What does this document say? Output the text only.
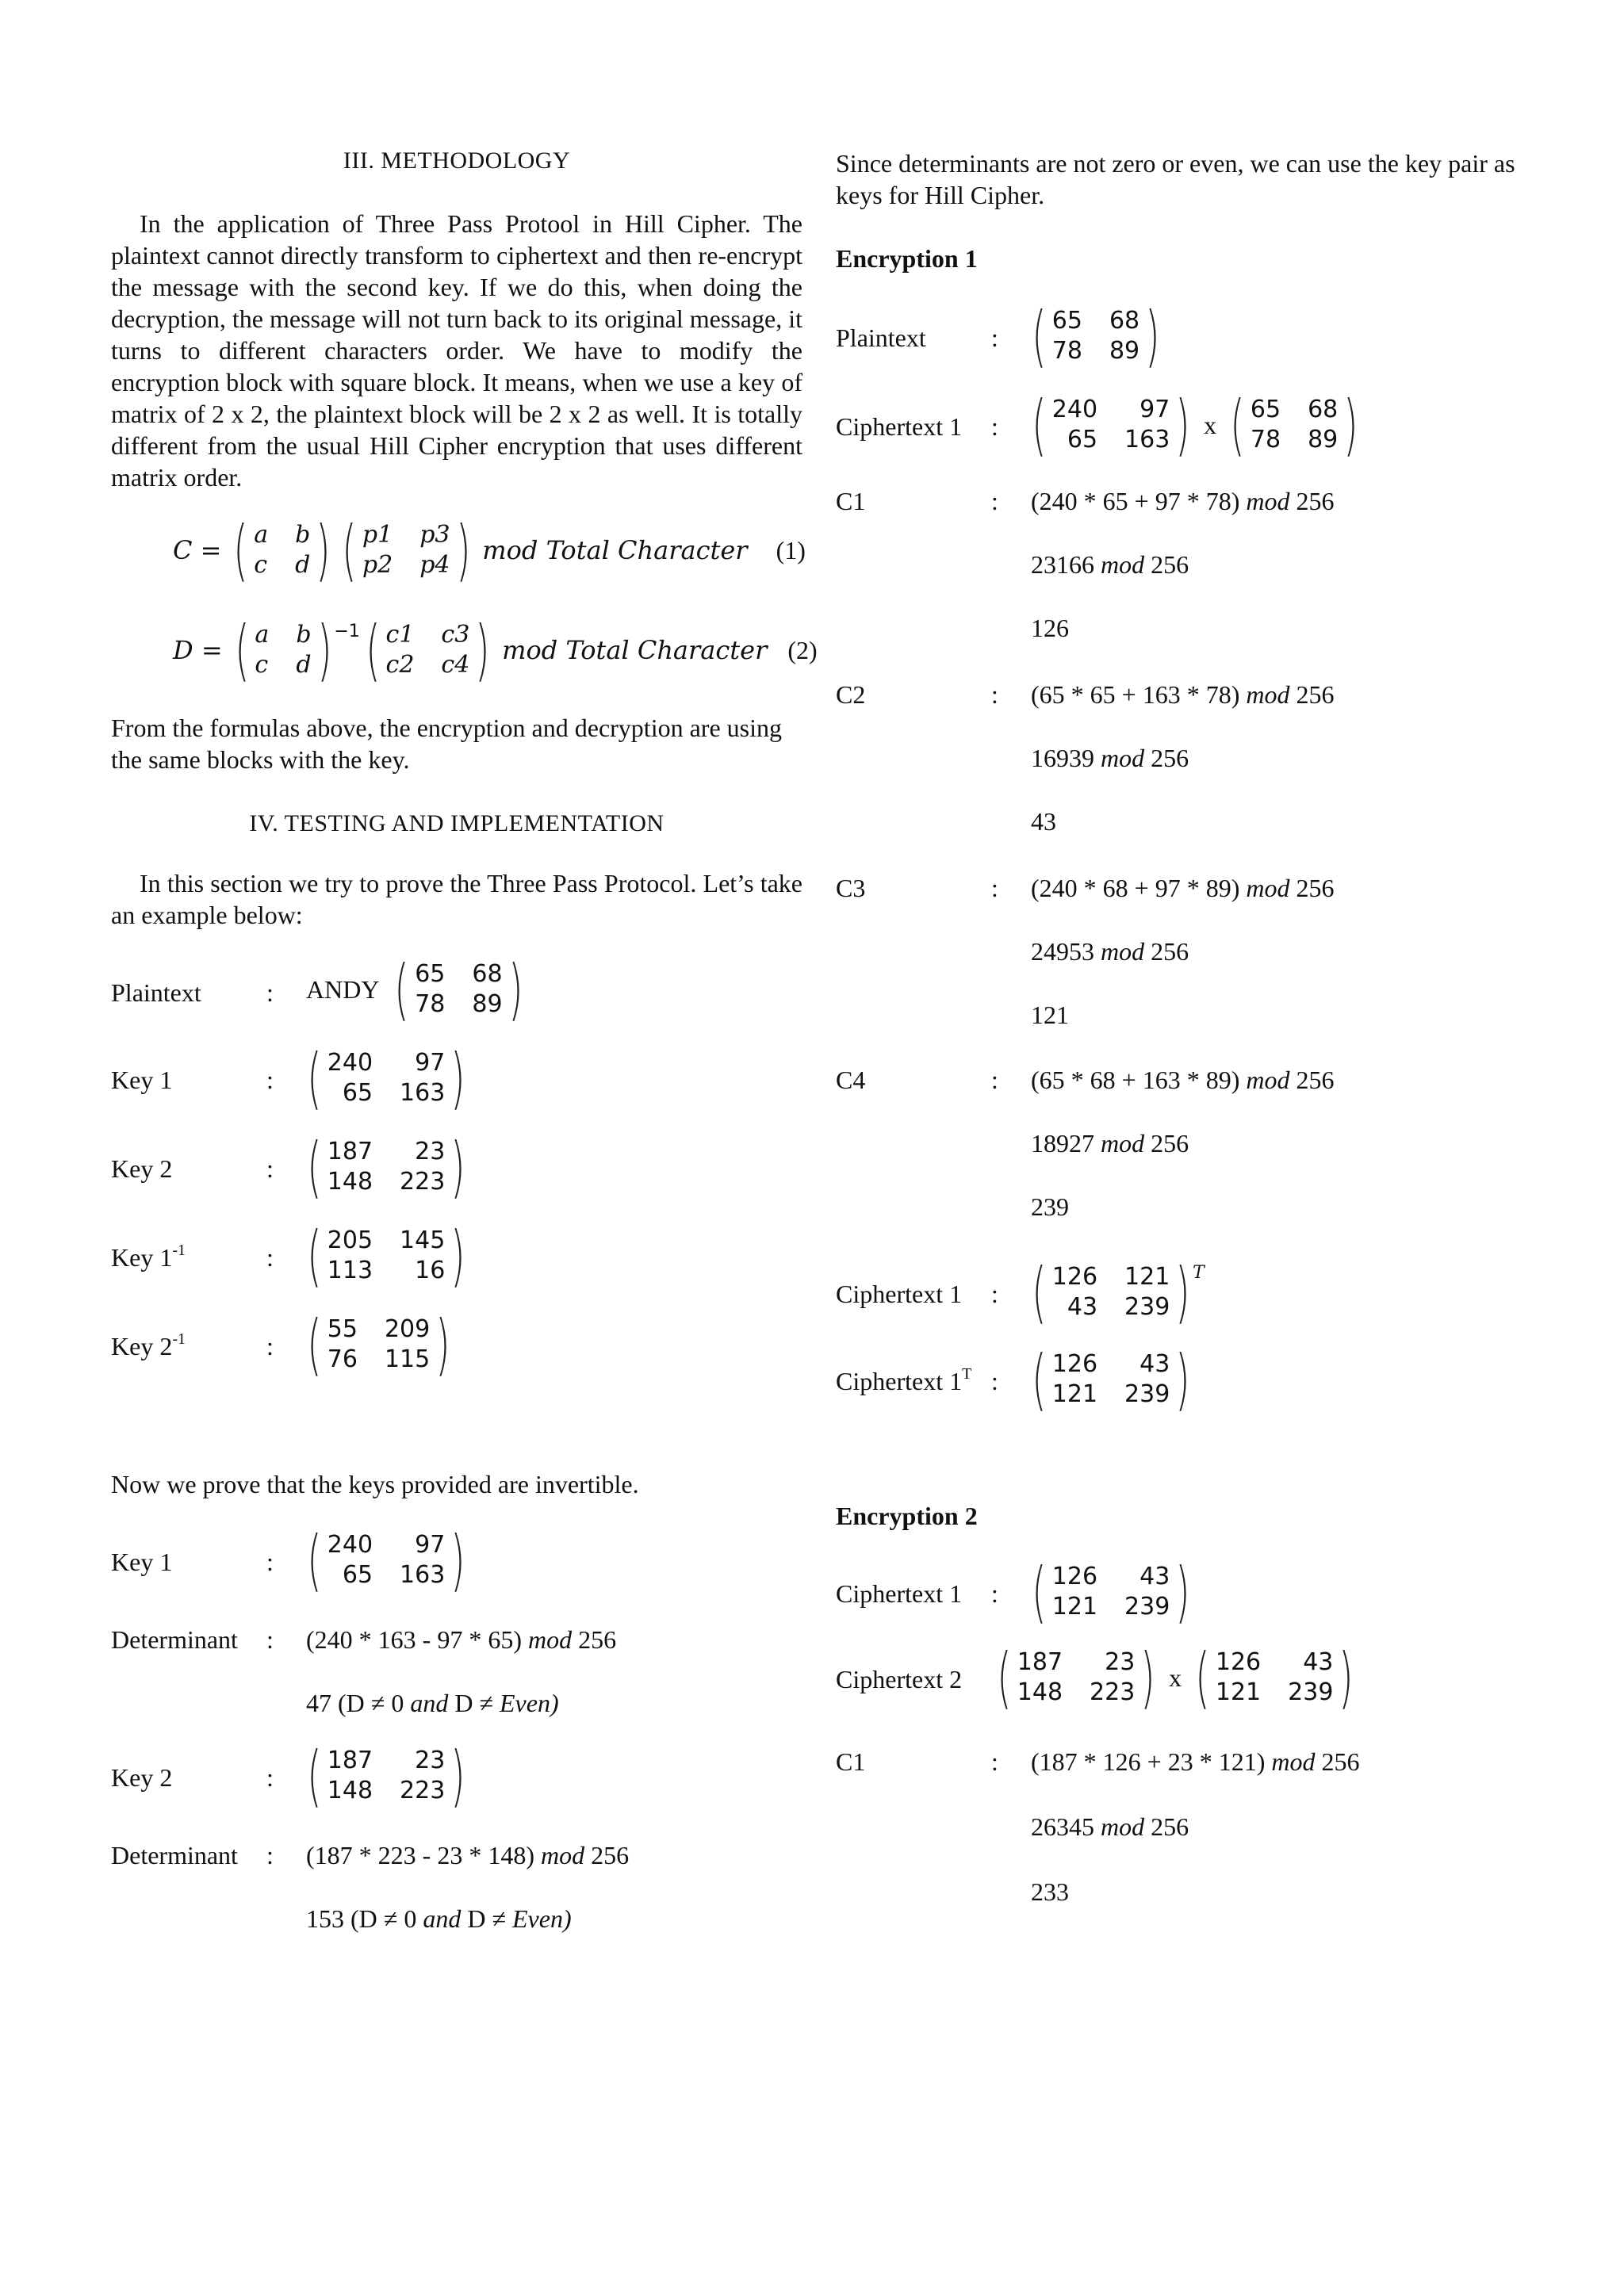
III. METHODOLOGY

In the application of Three Pass Protool in Hill Cipher. The plaintext cannot directly transform to ciphertext and then re-encrypt the message with the second key. If we do this, when doing the decryption, the message will not turn back to its original message, it turns to different characters order. We have to modify the encryption block with square block. It means, when we use a key of matrix of 2 x 2, the plaintext block will be 2 x 2 as well. It is totally different from the usual Hill Cipher encryption that uses different matrix order.

C = ( a b
c d ) ( p1 p3
p2 p4 ) mod Total Character (1)
D = ( a b
c d ) −1 ( c1 c3
c2 c4 ) mod Total Character (2)

From the formulas above, the encryption and decryption are using the same blocks with the key.

IV. TESTING AND IMPLEMENTATION

In this section we try to prove the Three Pass Protocol. Let’s take an example below:

Plaintext	: ANDY ( 65 68
78 89 )
Key 1	: ( 240	97
65 163 )
Key 2	: ( 187	23
148 223 )
Key $1^{-1}$	: ( 205 145
113	16 )
Key $2^{-1}$	: ( 55 209
76 115 )
Now we prove that the keys provided are invertible.
Key 1	: ( 240	97
65 163 )
Determinant : (240 * 163 - 97 * 65) mod 256
47 (D ≠ 0 and D ≠ Even)
Key 2	: ( 187	23
148 223 )
Determinant : (187 * 223 - 23 * 148) mod 256
153 (D ≠ 0 and D ≠ Even)

Since determinants are not zero or even, we can use the key pair as keys for Hill Cipher.

Encryption 1
Plaintext	: ( 65 68
78 89 )
Ciphertext 1 : ( 240	97
65 163 ) x ( 65 68
78 89 )
C1	: (240 * 65 + 97 * 78) mod 256
23166 mod 256
126
C2	: (65 * 65 + 163 * 78) mod 256
16939 mod 256
43
C3	: (240 * 68 + 97 * 89) mod 256
24953 mod 256
121
C4	: (65 * 68 + 163 * 89) mod 256
18927 mod 256
239
Ciphertext 1 : ( 126 121
43 239 ) T
Ciphertext $1^T$ : ( 126	43
121 239 )
Encryption 2
Ciphertext 1 : ( 126	43
121 239 )
Ciphertext 2 ( 187	23
148 223 ) x ( 126	43
121 239 )
C1	: (187 * 126 + 23 * 121) mod 256
26345 mod 256
233
